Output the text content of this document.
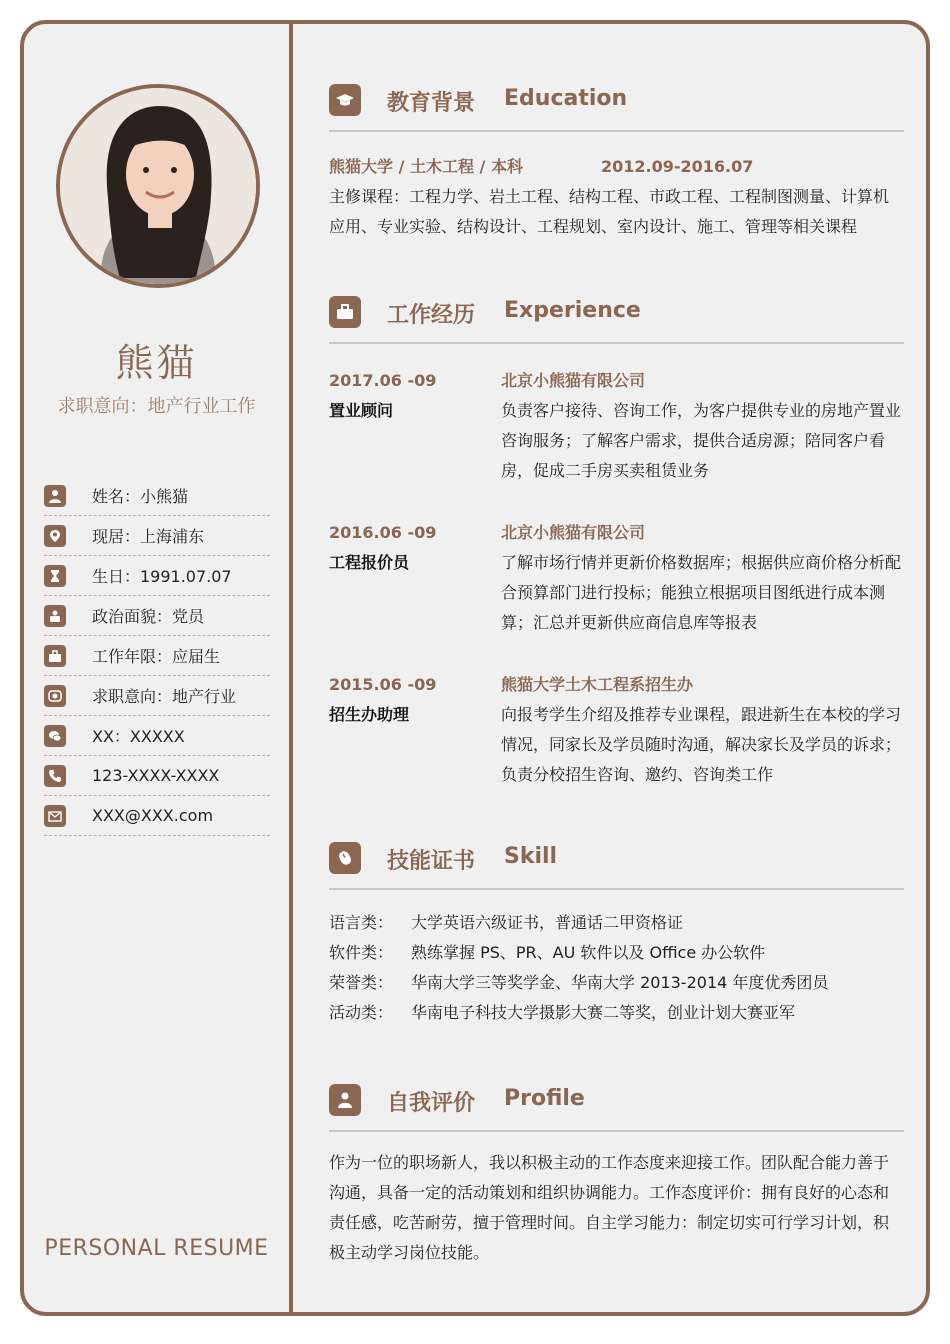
熊猫
求职意向：地产行业工作
姓名：小熊猫
现居：上海浦东
生日：1991.07.07
政治面貌：党员
工作年限：应届生
求职意向：地产行业
XX：XXXXX
123-XXXX-XXXX
XXX@XXX.com
PERSONAL RESUME
教育背景 Education
熊猫大学 / 土木工程 / 本科	2012.09-2016.07
主修课程：工程力学、岩土工程、结构工程、市政工程、工程制图测量、计算机应用、专业实验、结构设计、工程规划、室内设计、施工、管理等相关课程
工作经历 Experience
2017.06 -09
置业顾问
北京小熊猫有限公司
负责客户接待、咨询工作，为客户提供专业的房地产置业咨询服务；了解客户需求，提供合适房源；陪同客户看房，促成二手房买卖租赁业务
2016.06 -09
工程报价员
北京小熊猫有限公司
了解市场行情并更新价格数据库；根据供应商价格分析配合预算部门进行投标；能独立根据项目图纸进行成本测算；汇总并更新供应商信息库等报表
2015.06 -09
招生办助理
熊猫大学土木工程系招生办
向报考学生介绍及推荐专业课程，跟进新生在本校的学习情况，同家长及学员随时沟通，解决家长及学员的诉求；负责分校招生咨询、邀约、咨询类工作
技能证书 Skill
语言类：	大学英语六级证书，普通话二甲资格证
软件类：	熟练掌握 PS、PR、AU 软件以及 Office 办公软件
荣誉类：	华南大学三等奖学金、华南大学 2013-2014 年度优秀团员
活动类：	华南电子科技大学摄影大赛二等奖，创业计划大赛亚军
自我评价 Profile
作为一位的职场新人，我以积极主动的工作态度来迎接工作。团队配合能力善于沟通，具备一定的活动策划和组织协调能力。工作态度评价：拥有良好的心态和责任感，吃苦耐劳，擅于管理时间。自主学习能力：制定切实可行学习计划，积极主动学习岗位技能。
